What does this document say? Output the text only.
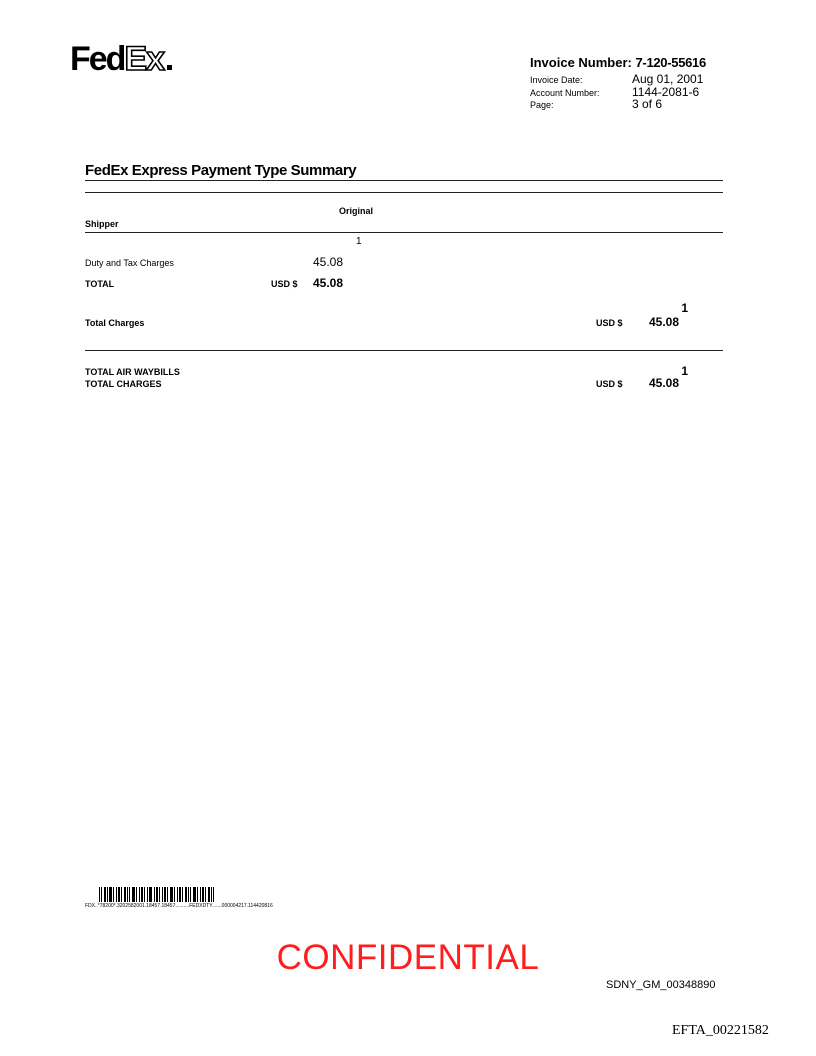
Fed Ex	Invoice Number: 7-120-55616
Invoice Date:	Aug 01, 2001
Account Number:	1144-2081-6
Page:	3 of 6
FedEx Express Payment Type Summary
Original
Shipper
1
Duty and Tax Charges	45.08
TOTAL	USD $ 45.08
1
Total Charges	USD $ 45.08
TOTAL AIR WAYBILLS	1
TOTAL CHARGES	USD $ 45.08
FDX..*78200*.3202582001.18457.18457..........FEDXDTY.......000004217.114420816
CONFIDENTIAL
SDNY_GM_00348890
EFTA_00221582
